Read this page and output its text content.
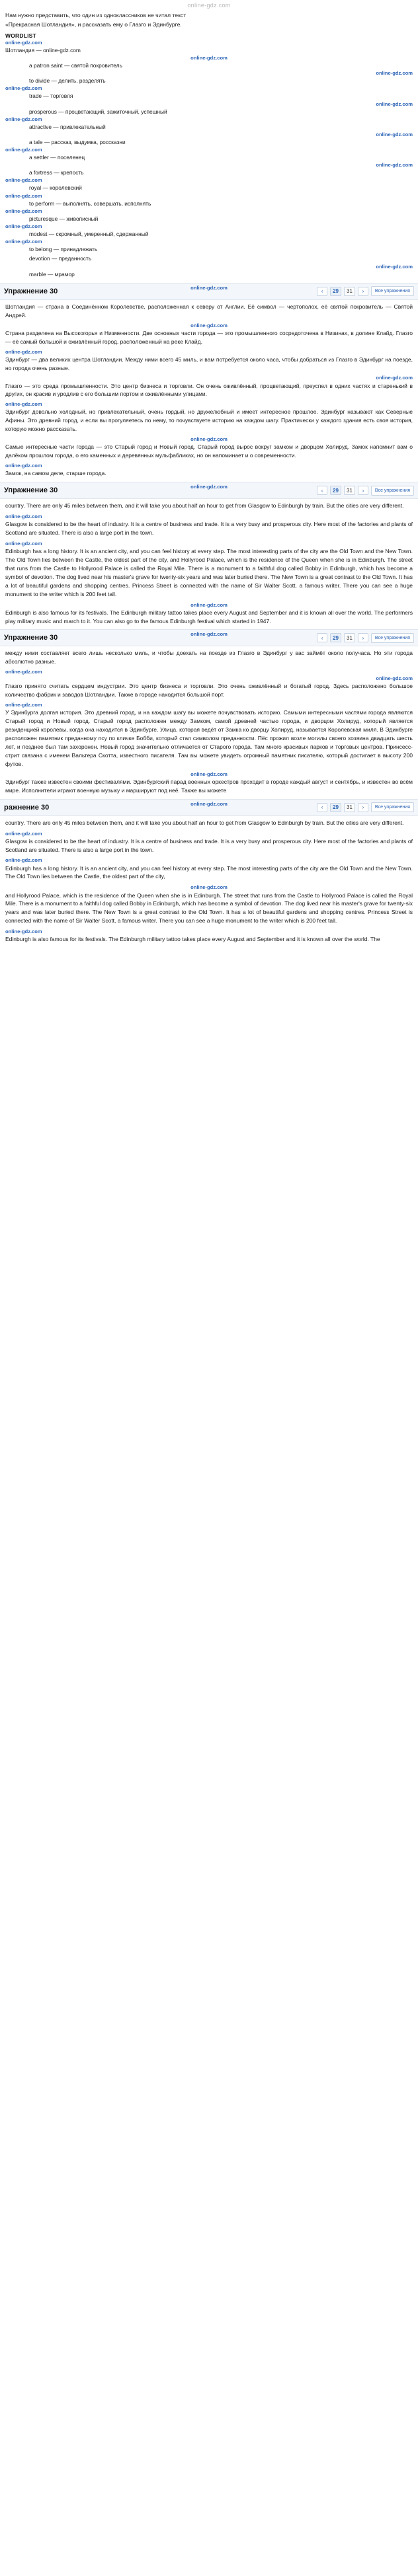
online-gdz.com

Нам нужно представить, что один из одноклассников не читал текст

«Прекрасная Шотландия», и рассказать ему о Глазго и Эдинбурге.

WORDLIST
online-gdz.com
Шотландия — online-gdz.com
online-gdz.com
a patron saint — святой покровитель
online-gdz.com
to divide — делить, разделять
online-gdz.com
trade — торговля
online-gdz.com
prosperous — процветающий, зажиточный, успешный
online-gdz.com
attractive — привлекательный
online-gdz.com
a tale — рассказ, выдумка, россказни
online-gdz.com
a settler — поселенец
online-gdz.com
a fortress — крепость
online-gdz.com
royal — королевский
online-gdz.com
to perform — выполнять, совершать, исполнять
online-gdz.com
picturesque — живописный
online-gdz.com
modest — скромный, умеренный, сдержанный
online-gdz.com
to belong — принадлежать
devotion — преданность
online-gdz.com
marble — мрамор
Упражнение 30	online-gdz.com
‹	29	31	›	Все упражнения

Шотландия — страна в Соединённом Королевстве, расположенная к северу от Англии. Её символ — чертополох, её святой покровитель — Святой Андрей.

online-gdz.com

Страна разделена на Высокогорья и Низменности. Две основных части города — это промышленного сосредоточена в Низинах, в долине Клайд. Глазго — её самый большой и оживлённый город, расположенный на реке Клайд.

online-gdz.com

Эдинбург — два великих центра Шотландии. Между ними всего 45 миль, и вам потребуется около часа, чтобы добраться из Глазго в Эдинбург на поезде, но города очень разные.

online-gdz.com

Глазго — это среда промышленности. Это центр бизнеса и торговли. Он очень оживлённый, процветающий, преуспел в одних частях и старенький в других, он красив и уродлив с его большим портом и оживлёнными улицами.

online-gdz.com

Эдинбург довольно холодный, но привлекательный, очень гордый, но дружелюбный и имеет интересное прошлое. Эдинбург называют как Северные Афины. Это древний город, и если вы прогуляетесь по нему, то почувствуете историю на каждом шагу. Практически у каждого здания есть своя история, которую можно рассказать.

online-gdz.com

Самые интересные части города — это Старый город и Новый город. Старый город вырос вокруг замком и дворцом Холируд. Замок напомнит вам о далёком прошлом города, о его каменных и деревянных мульфабликах, но он напоминает и о современности.

online-gdz.com

Замок, на самом деле, старше города.

Упражнение 30	online-gdz.com
‹	29	31	›	Все упражнения

country. There are only 45 miles between them, and it will take you about half an hour to get from Glasgow to Edinburgh by train. But the cities are very different.

online-gdz.com

Glasgow is considered to be the heart of industry. It is a centre of business and trade. It is a very busy and prosperous city. Here most of the factories and plants of Scotland are situated. There is also a large port in the town.

online-gdz.com

Edinburgh has a long history. It is an ancient city, and you can feel history at every step. The most interesting parts of the city are the Old Town and the New Town. The Old Town lies between the Castle, the oldest part of the city, and Hollyrood Palace, which is the residence of the Queen when she is in Edinburgh. The street that runs from the Castle to Hollyrood Palace is called the Royal Mile. There is a monument to a faithful dog called Bobby in Edinburgh, which has become a symbol of devotion. The dog lived near his master's grave for twenty-six years and was later buried there. The New Town is a great contrast to the Old Town. It has a lot of beautiful gardens and shopping centres. Princess Street is connected with the name of Sir Walter Scott, a famous writer. There you can see a huge monument to the writer which is 200 feet tall.

online-gdz.com

Edinburgh is also famous for its festivals. The Edinburgh military tattoo takes place every August and September and it is known all over the world. The performers play military music and march to it. You can also go to the famous Edinburgh festival which started in 1947.

Упражнение 30	online-gdz.com
‹	29	31	›	Все упражнения

между ними составляет всего лишь несколько миль, и чтобы доехать на поезде из Глазго в Эдинбург у вас займёт около получаса. Но эти города абсолютно разные.

online-gdz.com
online-gdz.com

Глазго принято считать сердцем индустрии. Это центр бизнеса и торговли. Это очень оживлённый и богатый город. Здесь расположено большое количество фабрик и заводов Шотландии. Также в городе находится большой порт.

online-gdz.com

У Эдинбурга долгая история. Это древний город, и на каждом шагу вы можете почувствовать историю. Самыми интересными частями города являются Старый город и Новый город. Старый город расположен между Замком, самой древней частью города, и дворцом Холируд, который является резиденцией королевы, когда она находится в Эдинбурге. Улица, которая ведёт от Замка ко дворцу Холируд, называется Королевская миля. В Эдинбурге расположен памятник преданному псу по кличке Бобби, который стал символом преданности. Пёс прожил возле могилы своего хозяина двадцать шесть лет, и позднее был там захоронен. Новый город значительно отличается от Старого города. Там много красивых парков и торговых центров. Принсесс-стрит связана с именем Вальтера Скотта, известного писателя. Там вы можете увидеть огромный памятник писателю, который достигает в высоту 200 футов.

online-gdz.com

Эдинбург также известен своими фестивалями. Эдинбургский парад военных оркестров проходит в городе каждый август и сентябрь, и известен во всём мире. Исполнители играют военную музыку и маршируют под неё. Также вы можете

ражнение 30	online-gdz.com
‹	29	31	›	Все упражнения

country. There are only 45 miles between them, and it will take you about half an hour to get from Glasgow to Edinburgh by train. But the cities are very different.

online-gdz.com

Glasgow is considered to be the heart of industry. It is a centre of business and trade. It is a very busy and prosperous city. Here most of the factories and plants of Scotland are situated. There is also a large port in the town.

online-gdz.com

Edinburgh has a long history. It is an ancient city, and you can feel history at every step. The most interesting parts of the city are the Old Town and the New Town. The Old Town lies between the Castle, the oldest part of the city,

online-gdz.com

and Hollyrood Palace, which is the residence of the Queen when she is in Edinburgh. The street that runs from the Castle to Hollyrood Palace is called the Royal Mile. There is a monument to a faithful dog called Bobby in Edinburgh, which has become a symbol of devotion. The dog lived near his master's grave for twenty-six years and was later buried there. The New Town is a great contrast to the Old Town. It has a lot of beautiful gardens and shopping centres. Princess Street is connected with the name of Sir Walter Scott, a famous writer. There you can see a huge monument to the writer which is 200 feet tall.

online-gdz.com

Edinburgh is also famous for its festivals. The Edinburgh military tattoo takes place every August and September and it is known all over the world. The
